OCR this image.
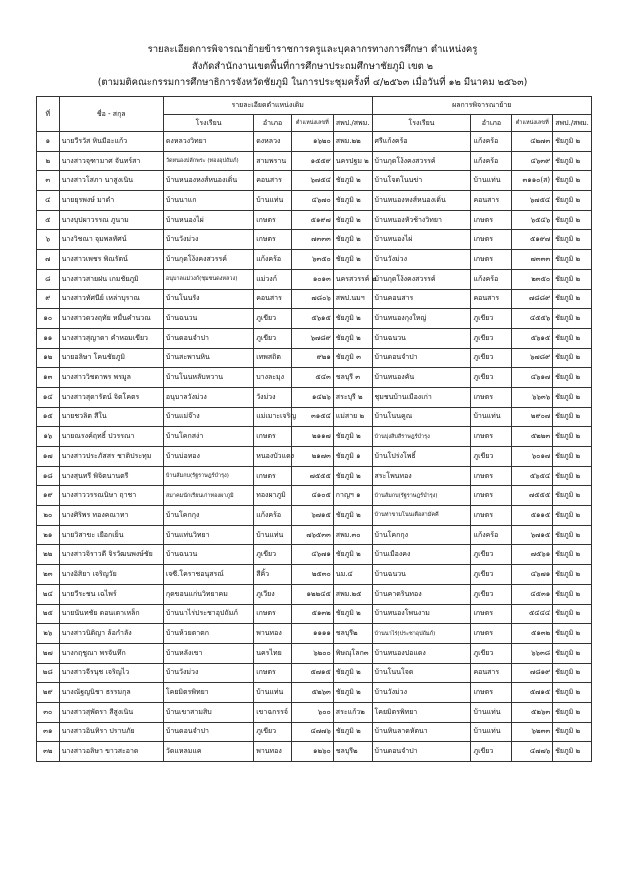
รายละเอียดการพิจารณาย้ายข้าราชการครูและบุคลากรทางการศึกษา ตำแหน่งครู
สังกัดสำนักงานเขตพื้นที่การศึกษาประถมศึกษาชัยภูมิ เขต ๒
(ตามมติคณะกรรมการศึกษาธิการจังหวัดชัยภูมิ ในการประชุมครั้งที่ ๔/๒๕๖๓ เมื่อวันที่ ๑๒ มีนาคม ๒๕๖๓)
ที่	ชื่อ - สกุล	รายละเอียดตำแหน่งเดิม				ผลการพิจารณาย้าย			
		โรงเรียน	อำเภอ	ตำแหน่งเลขที่	สพป./สพม.	โรงเรียน	อำเภอ	ตำแหน่งเลขที่	สพป./สพม.
๑	นายวีรวัส หินมีอะแก้ว	ดงหลวงวิทยา	ดงหลวง	๑๖๒๐	สพม.๒๒	ศรีแก้งคร้อ	แก้งคร้อ	๔๒๗๓	ชัยภูมิ ๒
๒	นางสาวจุฑามาศ จันทร์สา	วัดหนองปลักพระ (ทองอุปถัมภ์)	สามพราน	๑๕๕๙	นครปฐม ๒	บ้านกุดโง้งคงสวรรค์	แก้งคร้อ	๔๖๓๙	ชัยภูมิ ๒
๓	นางสาวโสภา นาสูงเนิน	บ้านหนองหงส์หนองเดิ่น	คอนสาร	๖๗๕๔	ชัยภูมิ ๒	บ้านโจดโนนข่า	บ้านแท่น	๓๑๑๐(ส)	ชัยภูมิ ๒
๔	นายยุรพงษ์ มาดำ	บ้านนาแก	บ้านแท่น	๔๖๗๐	ชัยภูมิ ๒	บ้านหนองหงส์หนองเดิ่น	คอนสาร	๖๗๕๔	ชัยภูมิ ๒
๕	นางบุปผาวรรณ ภูนาม	บ้านหนองไผ่	เกษตร	๕๑๙๗	ชัยภูมิ ๒	บ้านหนองหัวช้างวิทยา	เกษตร	๖๕๔๖	ชัยภูมิ ๒
๖	นางวิชณา จุมพลทัศน์	บ้านวังม่วง	เกษตร	๗๓๓๓	ชัยภูมิ ๒	บ้านหนองไผ่	เกษตร	๕๑๙๗	ชัยภูมิ ๒
๗	นางสาวเพชร พิณรัตน์	บ้านกุดโง้งคงสวรรค์	แก้งคร้อ	๖๓๕๐	ชัยภูมิ ๒	บ้านวังม่วง	เกษตร	๗๓๓๓	ชัยภูมิ ๒
๘	นางสาวสายฝน เกมชัยภูมิ	อนุบาลแม่วงก์(ชุมชนดงหลวง)	แม่วงก์	๑๐๑๓	นครสวรรค์ ๒	บ้านกุดโง้งคงสวรรค์	แก้งคร้อ	๒๓๕๐	ชัยภูมิ ๒
๙	นางสาวทัศนีย์ เหล่าบุราณ	บ้านโนนรัง	คอนสาร	๗๘๐๖	สพป.นมฯ	บ้านคอนสาร	คอนสาร	๗๘๘๙	ชัยภูมิ ๒
๑๐	นางสาวดวงฤทัย หมื่นคำนวณ	บ้านฉนวน	ภูเขียว	๕๖๑๕	ชัยภูมิ ๒	บ้านหนองกุงใหญ่	ภูเขียว	๔๕๕๖	ชัยภูมิ ๒
๑๑	นางสาวสุญาดา คำหอมเขียว	บ้านดอนจำปา	ภูเขียว	๖๗๘๙	ชัยภูมิ ๒	บ้านฉนวน	ภูเขียว	๕๖๑๕	ชัยภูมิ ๒
๑๒	นายอลิษา โคนชัยภูมิ	บ้านสะพานหิน	เทพสถิต	๙๒๑	ชัยภูมิ ๓	บ้านดอนจำปา	ภูเขียว	๖๗๘๙	ชัยภูมิ ๒
๑๓	นางสาววิชดาพร พรมูล	บ้านโนนหลับหวาน	บางละมุง	๕๔๓	ชลบุรี ๓	บ้านหนองคัน	ภูเขียว	๔๖๑๗	ชัยภูมิ ๒
๑๔	นางสาวสุดารัตน์ จิตโคตร	อนุบาลวังม่วง	วังม่วง	๑๔๒๖	สระบุรี ๒	ชุมชนบ้านเมืองเก่า	เกษตร	๖๖๓๖	ชัยภูมิ ๒
๑๕	นายชวลิต สีใน	บ้านแม่จ๊าง	แม่เมาะเจริญ	๓๑๕๔	แม่สาย ๒	บ้านโนนคูณ	บ้านแท่น	๒๙๐๗	ชัยภูมิ ๒
๑๖	นายณรงค์ฤทธิ์ ปวรรณา	บ้านโคกสง่า	เกษตร	๒๑๑๗	ชัยภูมิ ๒	บ้านบุ่งสิบสีราษฎร์บำรุง	เกษตร	๕๒๒๓	ชัยภูมิ ๒
๑๗	นางสาวประภัสสร ชาติประทุม	บ้านบ่อทอง	หนองบัวแดง	๒๑๗๓	ชัยภูมิ ๑	บ้านโปร่งโพธิ์	ภูเขียว	๖๐๑๗	ชัยภูมิ ๒
๑๘	นางสุนทรี พิจิตนานตรี	บ้านส้มกบ(รัฐราษฎร์บำรุง)	เกษตร	๗๕๕๕	ชัยภูมิ ๒	สระโพนทอง	เกษตร	๕๖๕๔	ชัยภูมิ ๒
๑๙	นางสาววรรณนิษา ฤาชา	สมาคมนักเรียนเก่าทองผาภูมิ	ทองผาภูมิ	๔๑๐๕	กาญฯ ๑	บ้านส้มกบ(รัฐราษฎร์บำรุง)	เกษตร	๗๕๕๕	ชัยภูมิ ๒
๒๐	นางศิริพร ทองคณาทา	บ้านโคกกุง	แก้งคร้อ	๖๗๑๕	ชัยภูมิ ๒	บ้านท่าขามโนนเตือสามัคคี	เกษตร	๕๑๑๕	ชัยภูมิ ๒
๒๑	นายวิสาขะ เยือกเย็น	บ้านแท่นวิทยา	บ้านแท่น	๗๖๕๓๓	สพม.๓๐	บ้านโคกกุง	แก้งคร้อ	๖๗๑๕	ชัยภูมิ ๒
๒๒	นางสาวจิราวดี จิรวัฒนพงษ์ชัย	บ้านฉนวน	ภูเขียว	๔๖๗๑	ชัยภูมิ ๒	บ้านเมืองคง	ภูเขียว	๗๕๖๑	ชัยภูมิ ๒
๒๓	นางอิสิยา เจริญวัย	เจซี.โคราชอนุสรณ์	สีคิ้ว	๒๕๓๐	นม.๔	บ้านฉนวน	ภูเขียว	๔๖๗๑	ชัยภูมิ ๒
๒๔	นายวีระชน เฉไพร์	กุดขอนแก่นวิทยาคม	ภูเวียง	๑๒๒๔๕	สพม.๒๕	บ้านคาดรินทอง	ภูเขียว	๔๕๓๑	ชัยภูมิ ๒
๒๕	นายนันทชัย ดอนเตาเหล็ก	บ้านนาไร่ประชาอุปถัมภ์	เกษตร	๕๑๓๒	ชัยภูมิ ๒	บ้านหนองโพนงาม	เกษตร	๕๔๔๔	ชัยภูมิ ๒
๒๖	นางสาวนิติญา ล้อกำลัง	บ้านห้วยตาตก	พานทอง	๑๑๑๑	ชลบุรี๒	บ้านนาไร่(ประชาอุปถัมภ์)	เกษตร	๕๑๓๒	ชัยภูมิ ๒
๒๗	นางกฤชูณา พรจันทึก	บ้านหลังเขา	นครไทย	๖๒๐๐	พิษณุโลก๓	บ้านหนองปอแดง	ภูเขียว	๖๖๓๘	ชัยภูมิ ๒
๒๘	นางสาวจีรนุช เจริญไว	บ้านวังม่วง	เกษตร	๕๗๑๕	ชัยภูมิ ๒	บ้านโนนโจด	คอนสาร	๗๘๑๙	ชัยภูมิ ๒
๒๙	นางณัฐญนิชา ธรรมกุล	โคยมิตรพิทยา	บ้านแท่น	๕๒๖๓	ชัยภูมิ ๒	บ้านวังม่วง	เกษตร	๕๗๑๕	ชัยภูมิ ๒
๓๐	นางสาวสุพัตรา สีสูงเนิน	บ้านเขาสามสิบ	เขาฉกรรจ์	๖๐๐	สระแก้ว๒	โคยมิตรพิทยา	บ้านแท่น	๕๒๖๓	ชัยภูมิ ๒
๓๑	นางสาวอินทิรา ปราบภัย	บ้านดอนจำปา	ภูเขียว	๔๗๗๖	ชัยภูมิ ๒	บ้านหินลาดหัตนา	บ้านแท่น	๖๒๓๓	ชัยภูมิ ๒
๓๒	นางสาวอลิษา ขาวสะอาด	วัดแหลมแค	พานทอง	๑๒๖๐	ชลบุรี๒	บ้านดอนจำปา	ภูเขียว	๔๗๗๖	ชัยภูมิ ๒
